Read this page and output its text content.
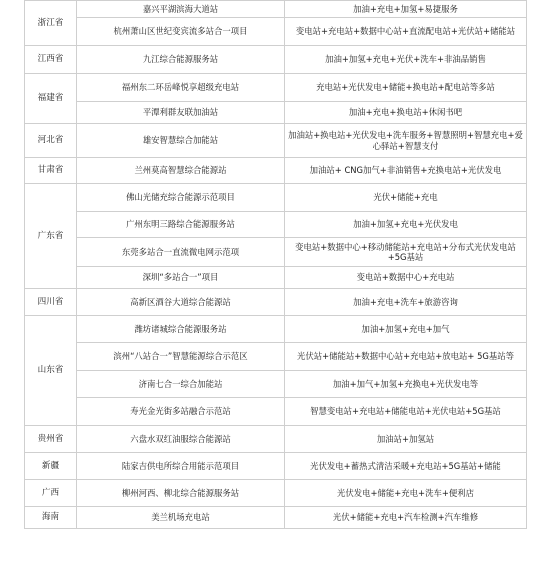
浙江省	嘉兴平湖滨海大道站	加油+充电+加氢+易捷服务
	杭州萧山区世纪变宾流多站合一项目	变电站+充电站+数据中心站+直流配电站+光伏站+储能站
江西省	九江综合能源服务站	加油+加氢+充电+光伏+洗车+非油品销售
福建省	福州东二环岳峰悦享超级充电站	充电站+光伏发电+储能+换电站+配电站等多站
	平潭利群友联加油站	加油+充电+换电站+休闲书吧
河北省	雄安智慧综合加能站	加油站+换电站+光伏发电+洗车服务+智慧照明+智慧充电+爱心驿站+智慧支付
甘肃省	兰州莫高智慧综合能源站	加油站+ CNG加气+非油销售+充换电站+光伏发电
广东省	佛山光储充综合能源示范项目	光伏+储能+充电
	广州东明三路综合能源服务站	加油+加氢+充电+光伏发电
	东莞多站合一直流微电网示范项	变电站+数据中心+移动储能站+充电站+分布式光伏发电站+5G基站
	深圳“多站合一”项目	变电站+数据中心+充电站
四川省	高新区酒谷大道综合能源站	加油+充电+洗车+旅游咨询
山东省	潍坊诸城综合能源服务站	加油+加氢+充电+加气
	滨州“八站合一”智慧能源综合示范区	光伏站+储能站+数据中心站+充电站+放电站+ 5G基站等
	济南七合一综合加能站	加油+加气+加氢+充换电+光伏发电等
	寿光金光街多站融合示范站	智慧变电站+充电站+储能电站+光伏电站+5G基站
贵州省	六盘水双红油服综合能源站	加油站+加氢站
新疆	陆家吉供电所综合用能示范项目	光伏发电+蓄热式清洁采暖+充电站+5G基站+储能
广西	柳州河西、柳北综合能源服务站	光伏发电+储能+充电+洗车+便利店
海南	美兰机场充电站	光伏+储能+充电+汽车检测+汽车维修
